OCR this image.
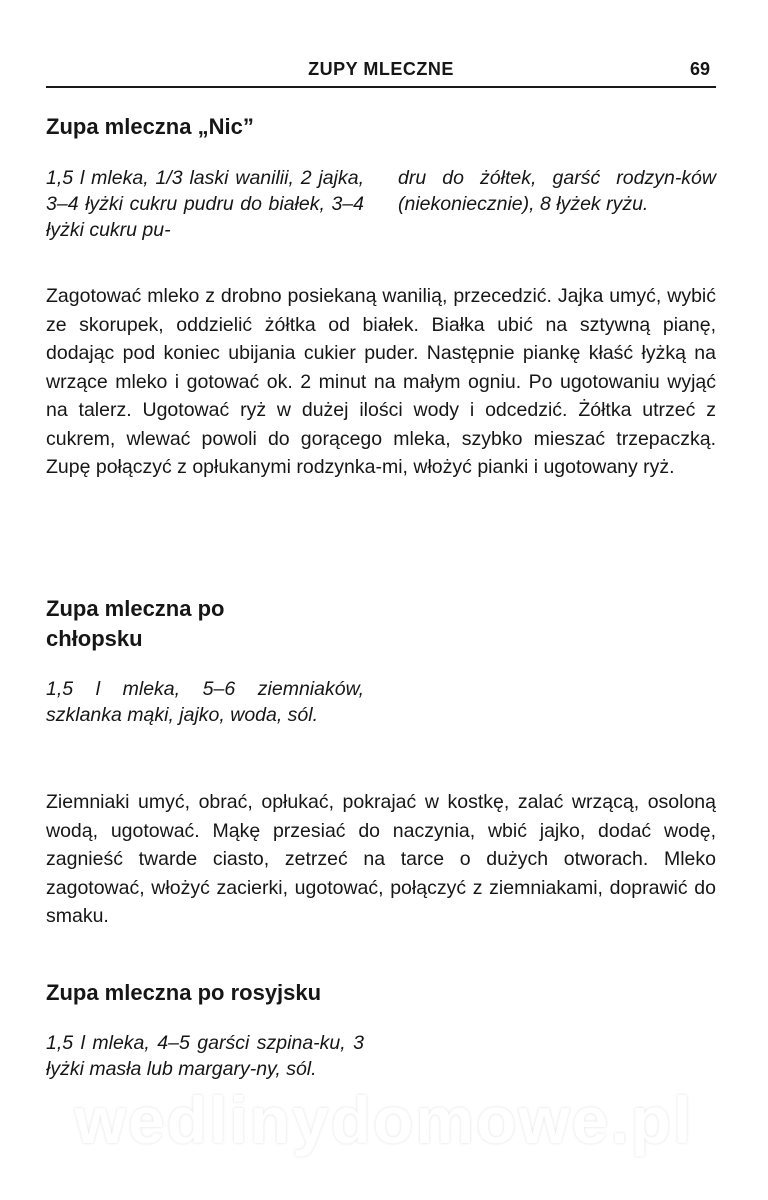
ZUPY MLECZNE	69
Zupa mleczna „Nic”
1,5 l mleka, 1/3 laski wanilii, 2 jajka, 3–4 łyżki cukru pudru do białek, 3–4 łyżki cukru pu-
dru do żółtek, garść rodzyn-ków (niekoniecznie), 8 łyżek ryżu.

Zagotować mleko z drobno posiekaną wanilią, przecedzić. Jajka umyć, wybić ze skorupek, oddzielić żółtka od białek. Białka ubić na sztywną pianę, dodając pod koniec ubijania cukier puder. Następnie piankę kłaść łyżką na wrzące mleko i gotować ok. 2 minut na małym ogniu. Po ugotowaniu wyjąć na talerz. Ugotować ryż w dużej ilości wody i odcedzić. Żółtka utrzeć z cukrem, wlewać powoli do gorącego mleka, szybko mieszać trzepaczką. Zupę połączyć z opłukanymi rodzynka-mi, włożyć pianki i ugotowany ryż.

Zupa mleczna po
chłopsku

1,5 l mleka, 5–6 ziemniaków, szklanka mąki, jajko, woda, sól.

Ziemniaki umyć, obrać, opłukać, pokrajać w kostkę, zalać wrzącą, osoloną wodą, ugotować. Mąkę przesiać do naczynia, wbić jajko, dodać wodę, zagnieść twarde ciasto, zetrzeć na tarce o dużych otworach. Mleko zagotować, włożyć zacierki, ugotować, połączyć z ziemniakami, doprawić do smaku.

Zupa mleczna po rosyjsku

1,5 l mleka, 4–5 garści szpina-ku, 3 łyżki masła lub margary-ny, sól.

wedlinydomowe.pl
